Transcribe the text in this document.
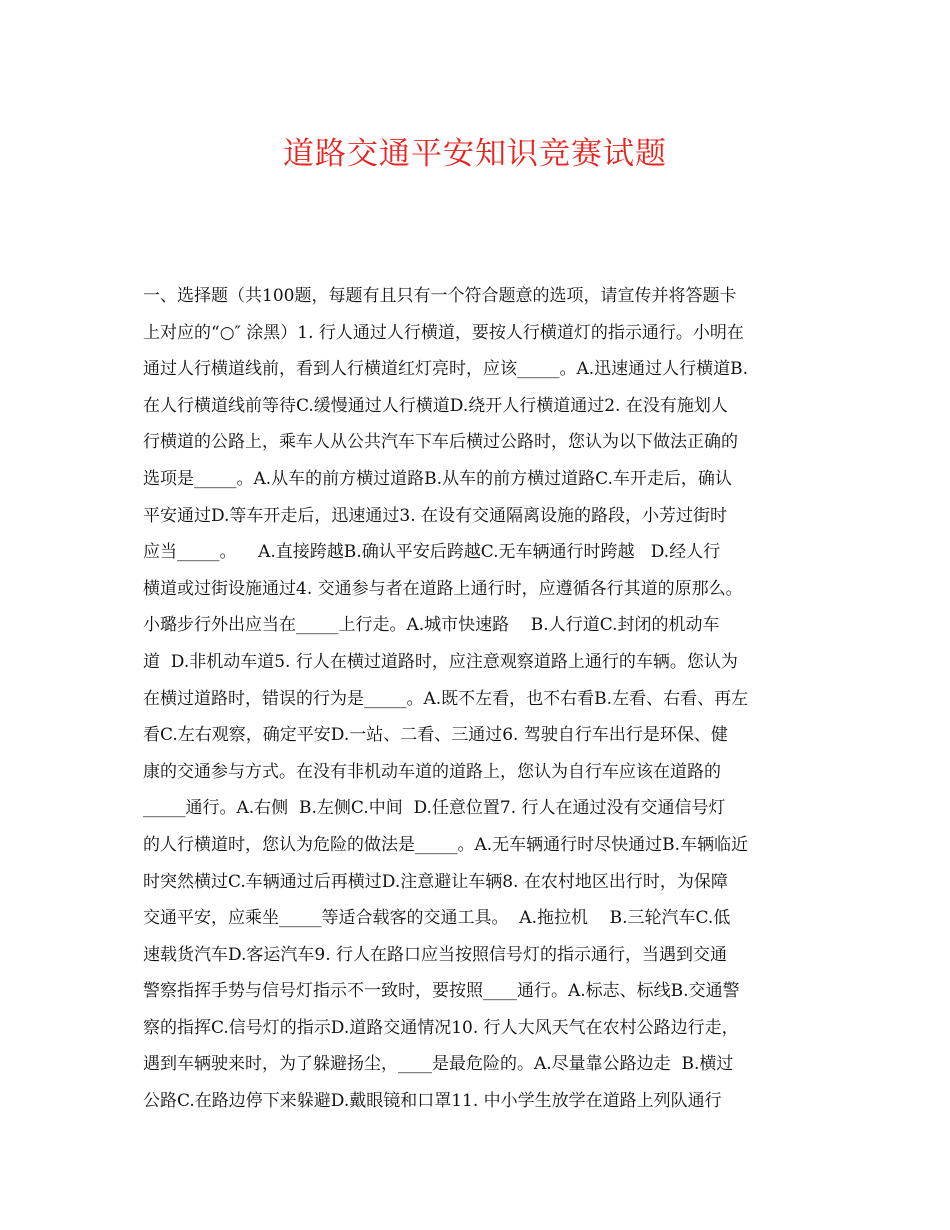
道路交通平安知识竞赛试题
一、选择题（共100题，每题有且只有一个符合题意的选项，请宣传并将答题卡
上对应的“○″ 涂黑）1. 行人通过人行横道，要按人行横道灯的指示通行。小明在
通过人行横道线前，看到人行横道红灯亮时，应该_____。A.迅速通过人行横道B.
在人行横道线前等待C.缓慢通过人行横道D.绕开人行横道通过2. 在没有施划人
行横道的公路上，乘车人从公共汽车下车后横过公路时，您认为以下做法正确的
选项是_____。A.从车的前方横过道路B.从车的前方横过道路C.车开走后，确认
平安通过D.等车开走后，迅速通过3. 在设有交通隔离设施的路段，小芳过街时
应当_____。    A.直接跨越B.确认平安后跨越C.无车辆通行时跨越   D.经人行
横道或过街设施通过4. 交通参与者在道路上通行时，应遵循各行其道的原那么。
小璐步行外出应当在_____上行走。A.城市快速路    B.人行道C.封闭的机动车
道  D.非机动车道5. 行人在横过道路时，应注意观察道路上通行的车辆。您认为
在横过道路时，错误的行为是_____。A.既不左看，也不右看B.左看、右看、再左
看C.左右观察，确定平安D.一站、二看、三通过6. 驾驶自行车出行是环保、健
康的交通参与方式。在没有非机动车道的道路上，您认为自行车应该在道路的
_____通行。A.右侧  B.左侧C.中间  D.任意位置7. 行人在通过没有交通信号灯
的人行横道时，您认为危险的做法是_____。A.无车辆通行时尽快通过B.车辆临近
时突然横过C.车辆通过后再横过D.注意避让车辆8. 在农村地区出行时，为保障
交通平安，应乘坐_____等适合载客的交通工具。  A.拖拉机    B.三轮汽车C.低
速载货汽车D.客运汽车9. 行人在路口应当按照信号灯的指示通行，当遇到交通
警察指挥手势与信号灯指示不一致时，要按照____通行。A.标志、标线B.交通警
察的指挥C.信号灯的指示D.道路交通情况10. 行人大风天气在农村公路边行走，
遇到车辆驶来时，为了躲避扬尘，____是最危险的。A.尽量靠公路边走  B.横过
公路C.在路边停下来躲避D.戴眼镜和口罩11. 中小学生放学在道路上列队通行
